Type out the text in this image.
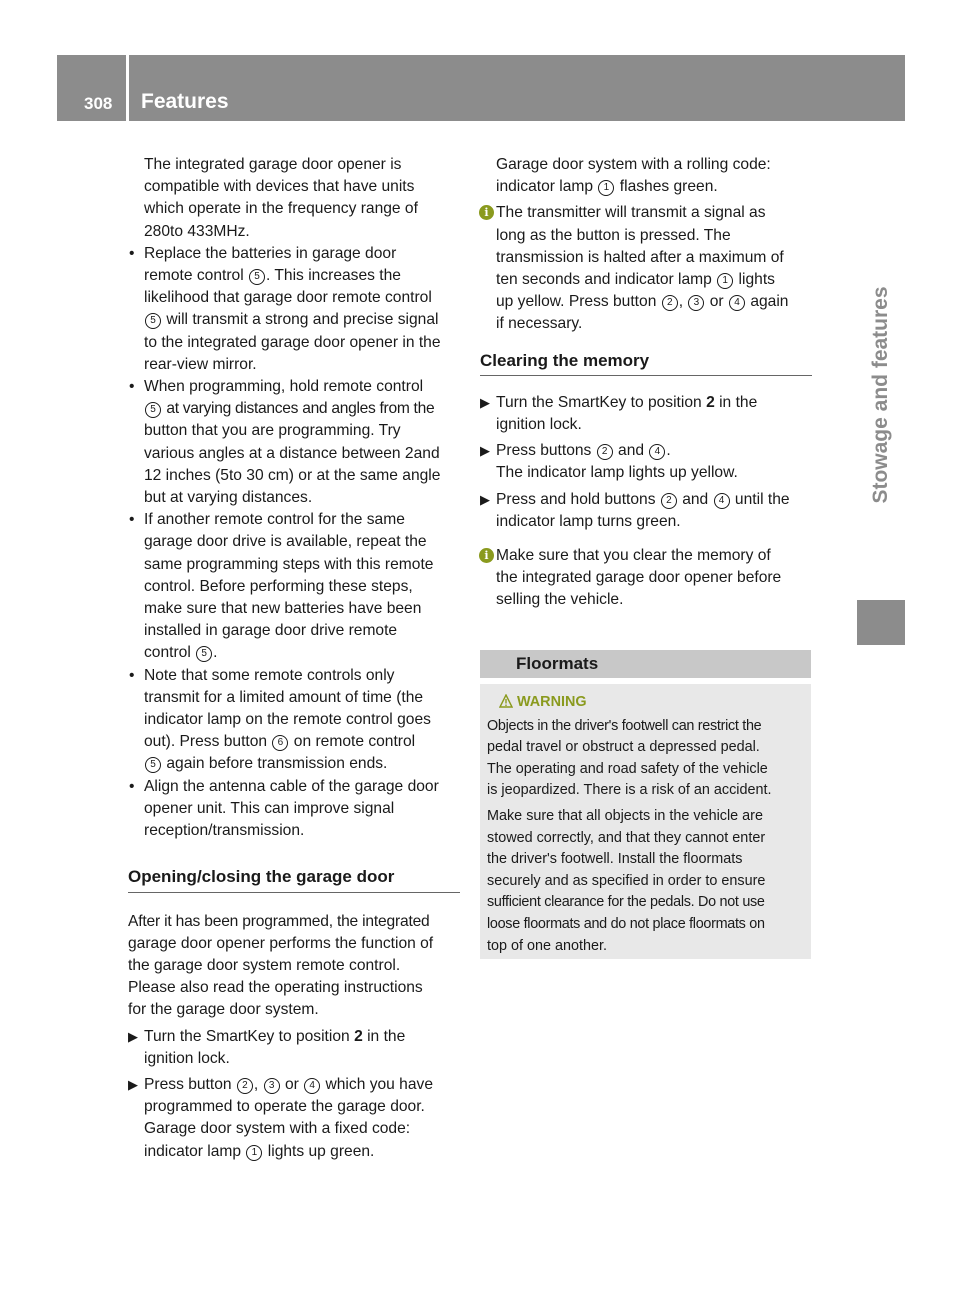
308 Features
Stowage and features

The integrated garage door opener is

compatible with devices that have units

which operate in the frequency range of

280to 433MHz.

• Replace the batteries in garage door

remote control 5 . This increases the

likelihood that garage door remote control

5 will transmit a strong and precise signal

to the integrated garage door opener in the

rear-view mirror.

• When programming, hold remote control

5 at varying distances and angles from the

button that you are programming. Try

various angles at a distance between 2and

12 inches (5to 30 cm) or at the same angle

but at varying distances.

• If another remote control for the same

garage door drive is available, repeat the

same programming steps with this remote

control. Before performing these steps,

make sure that new batteries have been

installed in garage door drive remote

control 5 .

• Note that some remote controls only

transmit for a limited amount of time (the

indicator lamp on the remote control goes

out). Press button 6 on remote control

5 again before transmission ends.

• Align the antenna cable of the garage door

opener unit. This can improve signal

reception/transmission.

Opening/closing the garage door

After it has been programmed, the integrated

garage door opener performs the function of

the garage door system remote control.

Please also read the operating instructions

for the garage door system.

▶ Turn the SmartKey to position 2 in the

ignition lock.

▶ Press button 2 , 3 or 4 which you have

programmed to operate the garage door.

Garage door system with a fixed code:

indicator lamp 1 lights up green.

Garage door system with a rolling code:

indicator lamp 1 flashes green.

i The transmitter will transmit a signal as

long as the button is pressed. The

transmission is halted after a maximum of

ten seconds and indicator lamp 1 lights

up yellow. Press button 2 , 3 or 4 again

if necessary.

Clearing the memory
▶ Turn the SmartKey to position 2 in the

ignition lock.

▶ Press buttons 2 and 4 .

The indicator lamp lights up yellow.

▶ Press and hold buttons 2 and 4 until the

indicator lamp turns green.

i Make sure that you clear the memory of

the integrated garage door opener before

selling the vehicle.

Floormats

WARNING

Objects in the driver's footwell can restrict the

pedal travel or obstruct a depressed pedal.

The operating and road safety of the vehicle

is jeopardized. There is a risk of an accident.

Make sure that all objects in the vehicle are

stowed correctly, and that they cannot enter

the driver's footwell. Install the floormats

securely and as specified in order to ensure

sufficient clearance for the pedals. Do not use

loose floormats and do not place floormats on

top of one another.
